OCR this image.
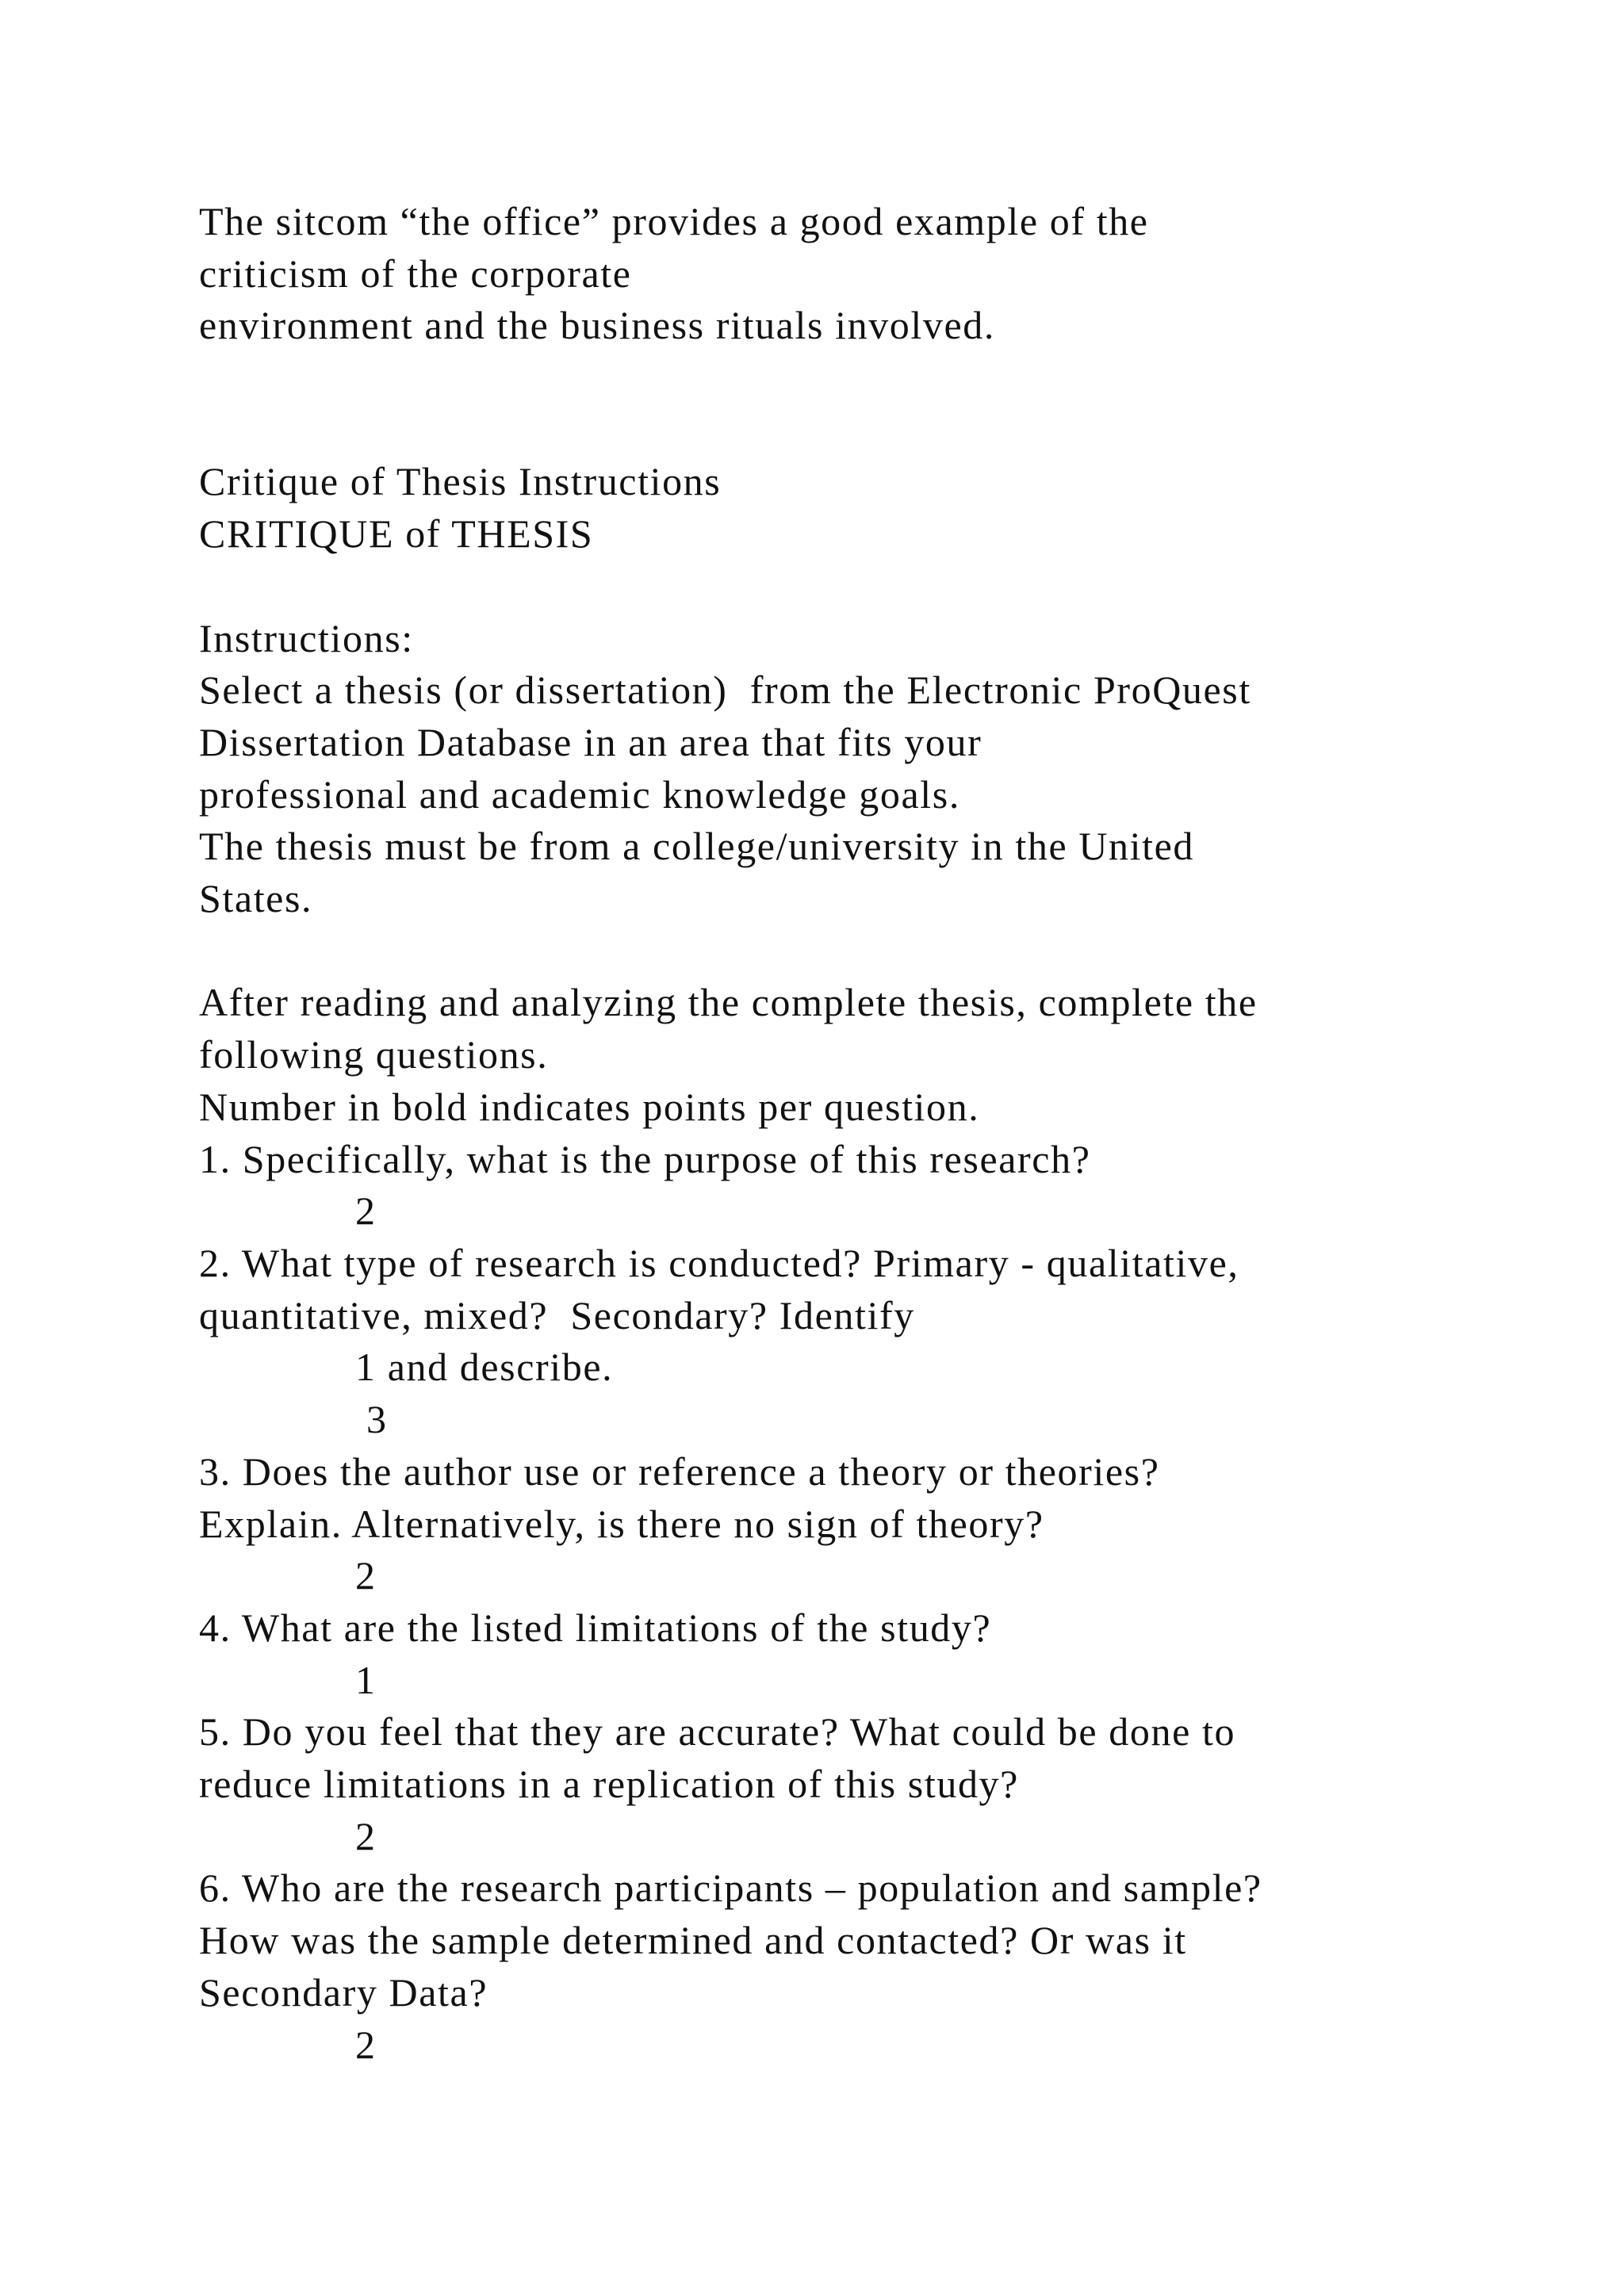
The sitcom “the office” provides a good example of the
criticism of the corporate
environment and the business rituals involved.
Critique of Thesis Instructions
CRITIQUE of THESIS
Instructions:
Select a thesis (or dissertation)  from the Electronic ProQuest
Dissertation Database in an area that fits your
professional and academic knowledge goals.
The thesis must be from a college/university in the United
States.
After reading and analyzing the complete thesis, complete the
following questions.
Number in bold indicates points per question.
1. Specifically, what is the purpose of this research?
2
2. What type of research is conducted? Primary - qualitative,
quantitative, mixed?  Secondary? Identify
1 and describe.
3
3. Does the author use or reference a theory or theories?
Explain. Alternatively, is there no sign of theory?
2
4. What are the listed limitations of the study?
1
5. Do you feel that they are accurate? What could be done to
reduce limitations in a replication of this study?
2
6. Who are the research participants – population and sample?
How was the sample determined and contacted? Or was it
Secondary Data?
2
